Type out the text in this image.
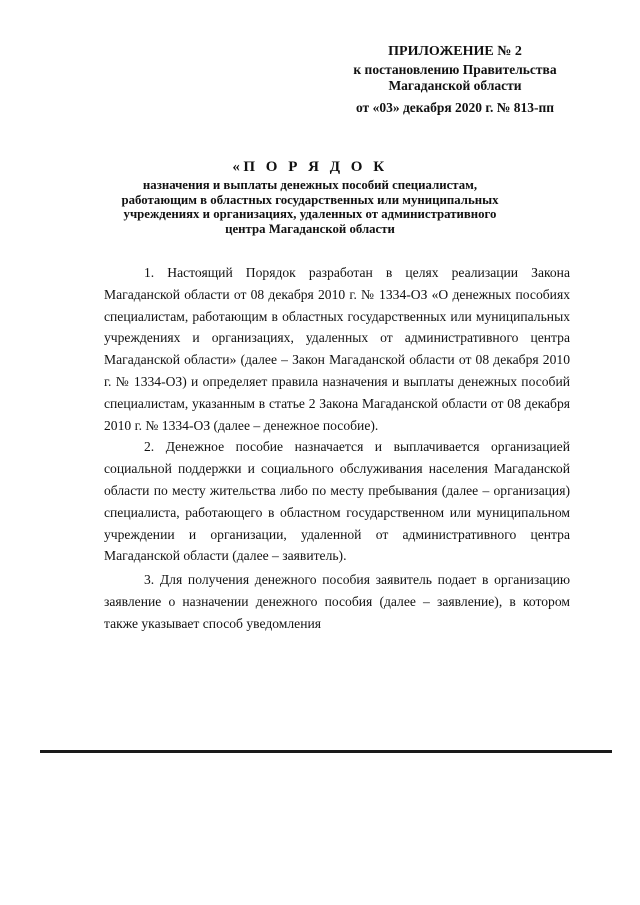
ПРИЛОЖЕНИЕ № 2
к постановлению Правительства
Магаданской области
от «03» декабря 2020 г. № 813-пп
«П О Р Я Д О К
назначения и выплаты денежных пособий специалистам,
работающим в областных государственных или муниципальных
учреждениях и организациях, удаленных от административного
центра Магаданской области

1. Настоящий Порядок разработан в целях реализации Закона Магаданской области от 08 декабря 2010 г. № 1334-ОЗ «О денежных пособиях специалистам, работающим в областных государственных или муниципальных учреждениях и организациях, удаленных от административного центра Магаданской области» (далее – Закон Магаданской области от 08 декабря 2010 г. № 1334-ОЗ) и определяет правила назначения и выплаты денежных пособий специалистам, указанным в статье 2 Закона Магаданской области от 08 декабря 2010 г. № 1334-ОЗ (далее – денежное пособие).

2. Денежное пособие назначается и выплачивается организацией социальной поддержки и социального обслуживания населения Магаданской области по месту жительства либо по месту пребывания (далее – организация) специалиста, работающего в областном государственном или муниципальном учреждении и организации, удаленной от административного центра Магаданской области (далее – заявитель).

3. Для получения денежного пособия заявитель подает в организацию заявление о назначении денежного пособия (далее – заявление), в котором также указывает способ уведомления
